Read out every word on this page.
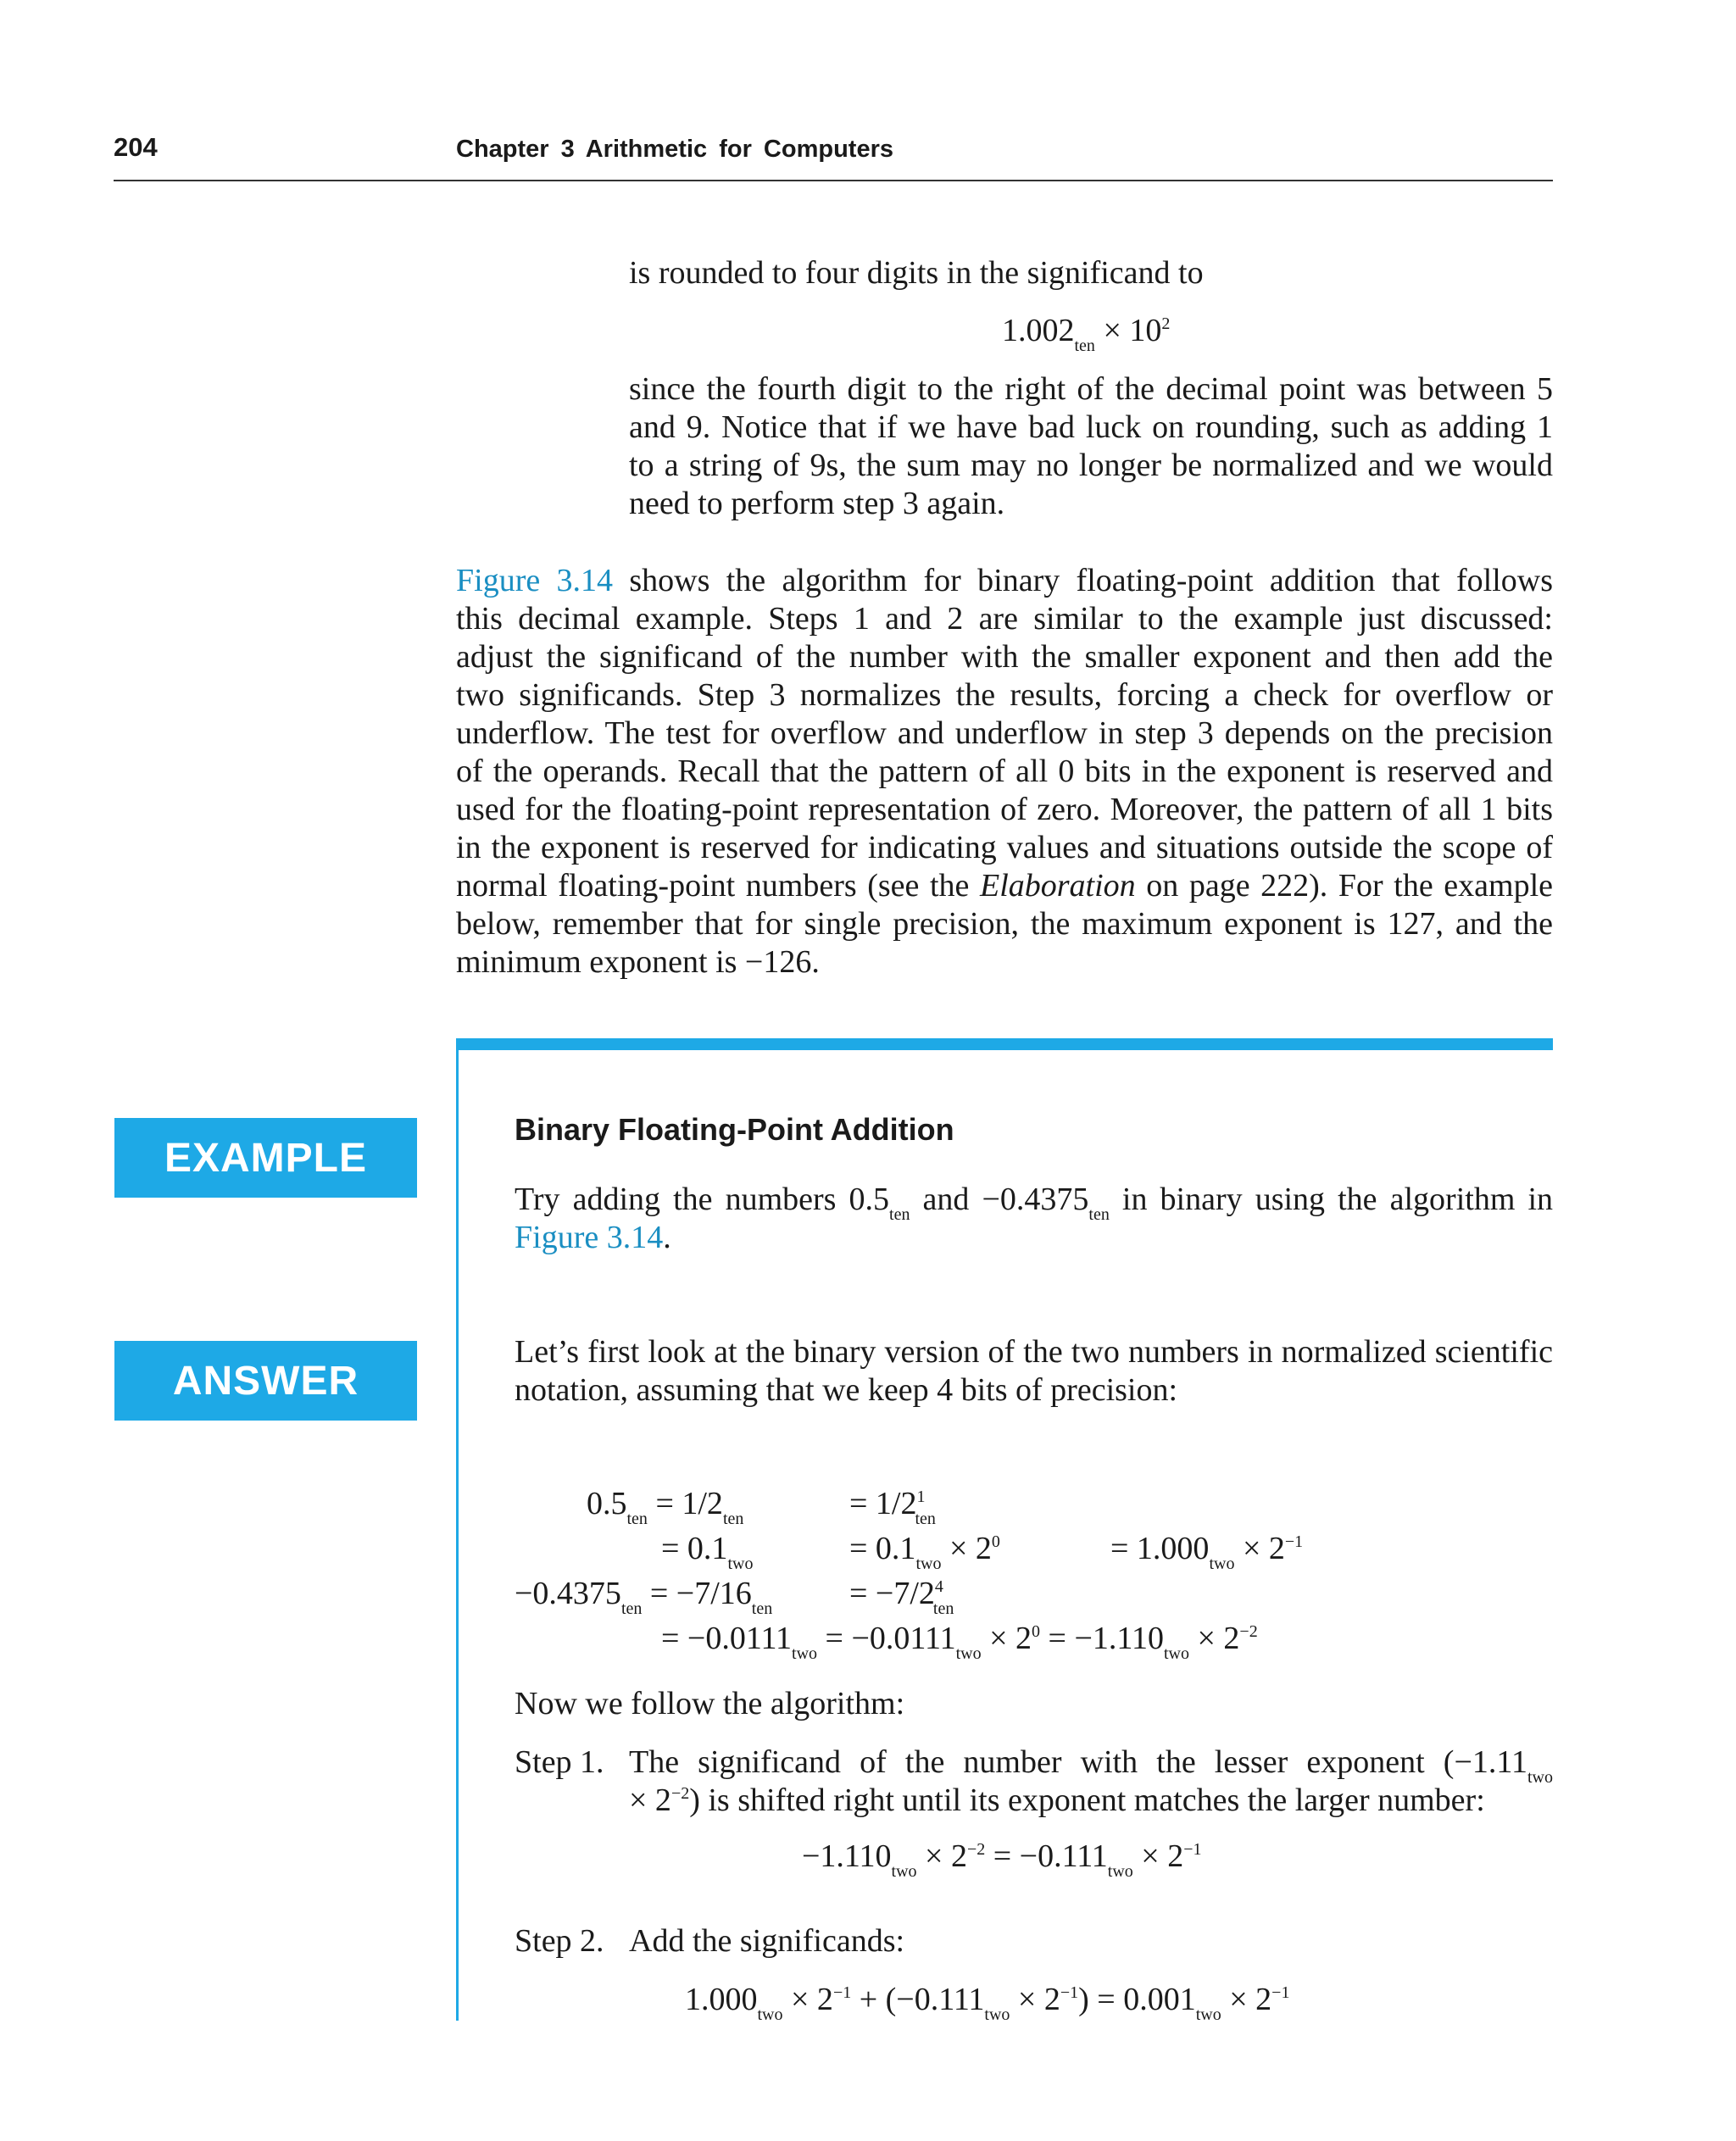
204	Chapter 3 Arithmetic for Computers
is rounded to four digits in the significand to
$1.002_{ten} \times 10^2$
since the fourth digit to the right of the decimal point was between 5
and 9. Notice that if we have bad luck on rounding, such as adding 1
to a string of 9s, the sum may no longer be normalized and we would
need to perform step 3 again.
Figure 3.14 shows the algorithm for binary floating-point addition that follows
this decimal example. Steps 1 and 2 are similar to the example just discussed:
adjust the significand of the number with the smaller exponent and then add the
two significands. Step 3 normalizes the results, forcing a check for overflow or
underflow. The test for overflow and underflow in step 3 depends on the precision
of the operands. Recall that the pattern of all 0 bits in the exponent is reserved and
used for the floating-point representation of zero. Moreover, the pattern of all 1 bits
in the exponent is reserved for indicating values and situations outside the scope of
normal floating-point numbers (see the Elaboration on page 222). For the example
below, remember that for single precision, the maximum exponent is 127, and the
minimum exponent is −126.
EXAMPLE
ANSWER
Binary Floating-Point Addition
Try adding the numbers $0.5_{ten}$ and $-0.4375_{ten}$ in binary using the algorithm in
Figure 3.14.
Let’s first look at the binary version of the two numbers in normalized scientific
notation, assuming that we keep 4 bits of precision:
$0.5_{ten} = 1/2_{ten}$	= $1/2^1_{ten}$
= $0.1_{two}$	= $0.1_{two} \times 2^0$	= $1.000_{two} \times 2^{-1}$
$-0.4375_{ten} = -7/16_{ten} = -7/2^4_{ten}$
= $-0.0111_{two} = -0.0111_{two} \times 2^0 = -1.110_{two} \times 2^{-2}$
Now we follow the algorithm:
Step 1. The significand of the number with the lesser exponent ($-1.11_{two}$
× $2^{-2}$) is shifted right until its exponent matches the larger number:
$-1.110_{two} \times 2^{-2} = -0.111_{two} \times 2^{-1}$
Step 2. Add the significands:
$1.000_{two} \times 2^{-1} + (-0.111_{two} \times 2^{-1}) = 0.001_{two} \times 2^{-1}$
